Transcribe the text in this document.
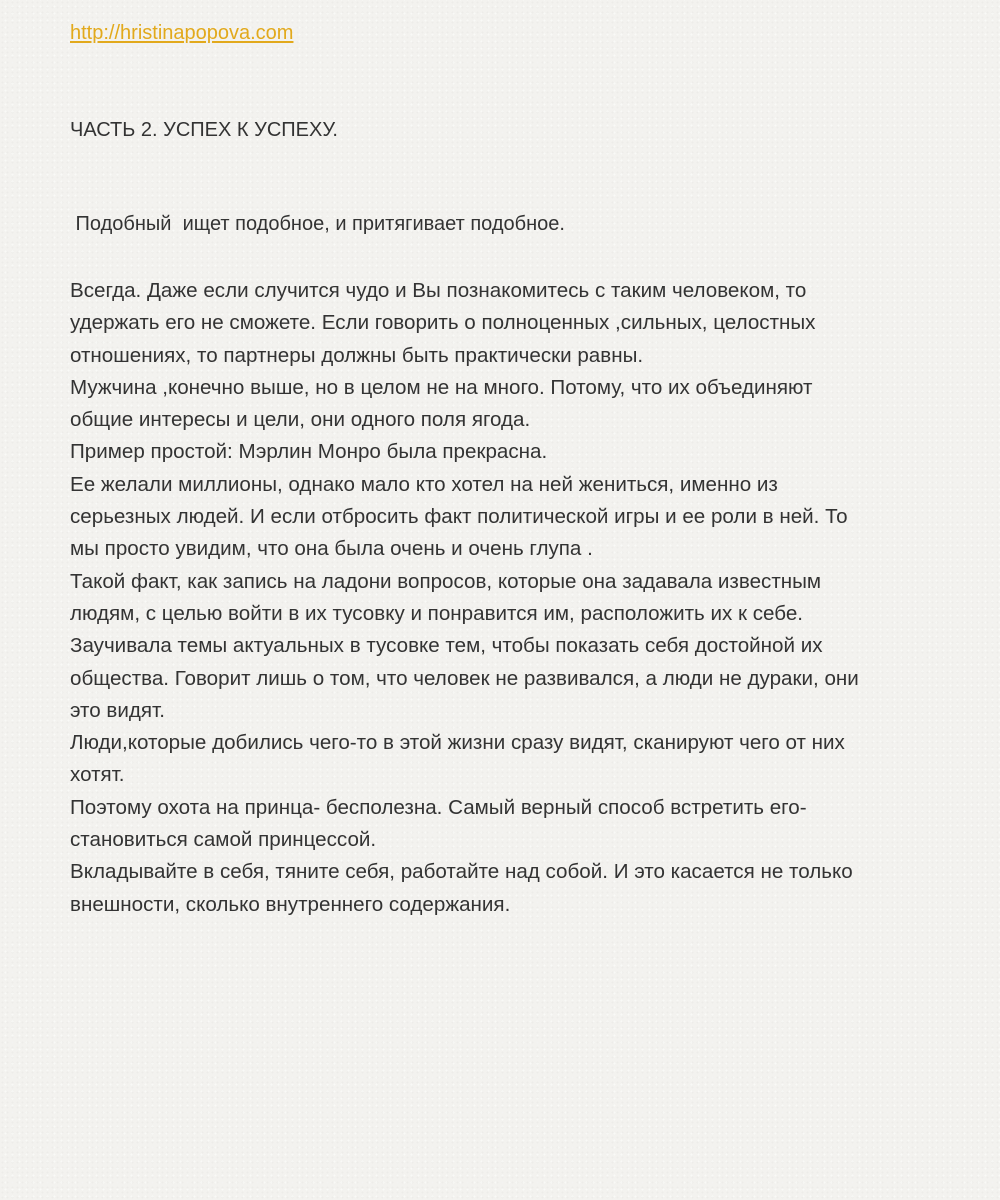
http://hristinapopova.com
ЧАСТЬ 2. УСПЕХ К УСПЕХУ.
Подобный  ищет подобное, и притягивает подобное.
Всегда. Даже если случится чудо и Вы познакомитесь с таким человеком, то
удержать его не сможете. Если говорить о полноценных ,сильных, целостных
отношениях, то партнеры должны быть практически равны.
Мужчина ,конечно выше, но в целом не на много. Потому, что их объединяют
общие интересы и цели, они одного поля ягода.
Пример простой: Мэрлин Монро была прекрасна.
Ее желали миллионы, однако мало кто хотел на ней жениться, именно из
серьезных людей. И если отбросить факт политической игры и ее роли в ней. То
мы просто увидим, что она была очень и очень глупа .
Такой факт, как запись на ладони вопросов, которые она задавала известным
людям, с целью войти в их тусовку и понравится им, расположить их к себе.
Заучивала темы актуальных в тусовке тем, чтобы показать себя достойной их
общества. Говорит лишь о том, что человек не развивался, а люди не дураки, они
это видят.
Люди,которые добились чего-то в этой жизни сразу видят, сканируют чего от них
хотят.
Поэтому охота на принца- бесполезна. Самый верный способ встретить его-
становиться самой принцессой.
Вкладывайте в себя, тяните себя, работайте над собой. И это касается не только
внешности, сколько внутреннего содержания.
